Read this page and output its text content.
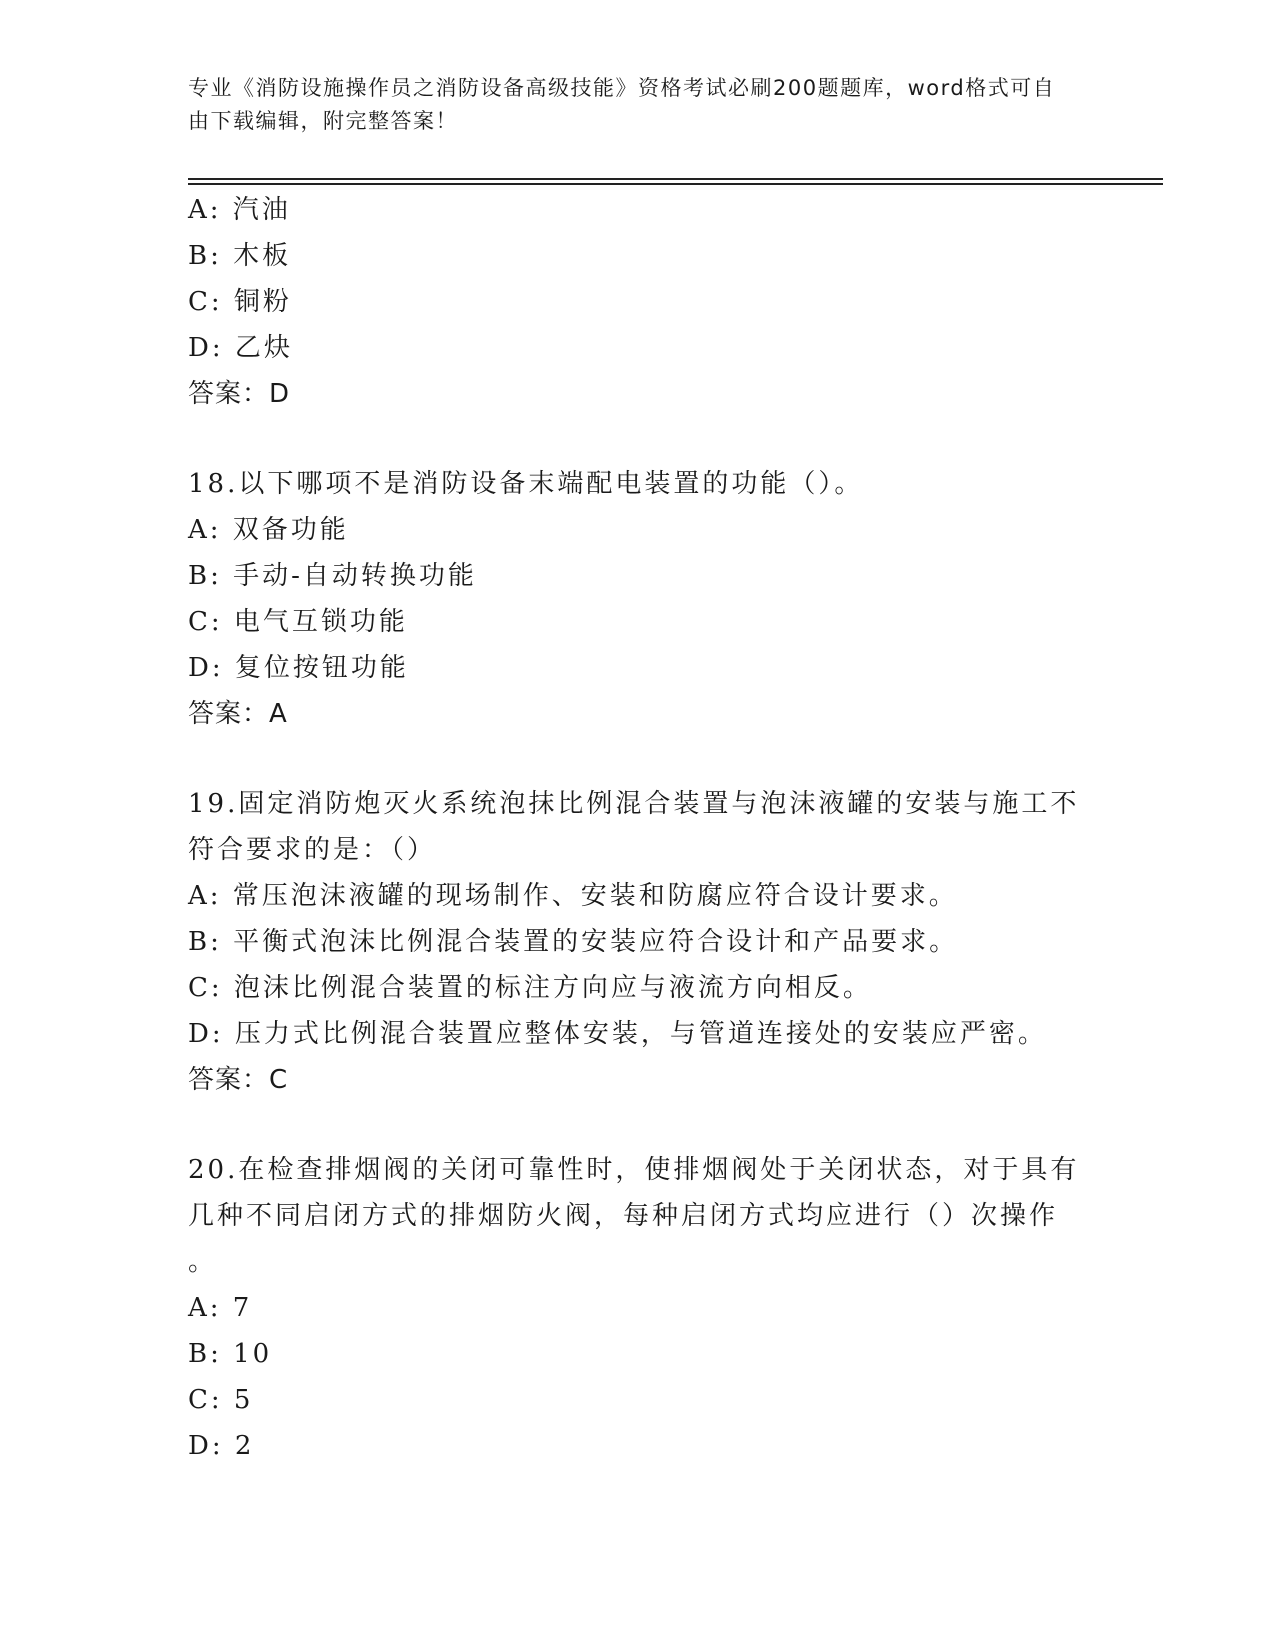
专业《消防设施操作员之消防设备高级技能》资格考试必刷200题题库，word格式可自由下载编辑，附完整答案！
A: 汽油
B: 木板
C: 铜粉
D: 乙炔
答案：D
18.以下哪项不是消防设备末端配电装置的功能（）。
A: 双备功能
B: 手动-自动转换功能
C: 电气互锁功能
D: 复位按钮功能
答案：A
19.固定消防炮灭火系统泡抹比例混合装置与泡沫液罐的安装与施工不
符合要求的是：（）
A: 常压泡沫液罐的现场制作、安装和防腐应符合设计要求。
B: 平衡式泡沫比例混合装置的安装应符合设计和产品要求。
C: 泡沫比例混合装置的标注方向应与液流方向相反。
D: 压力式比例混合装置应整体安装，与管道连接处的安装应严密。
答案：C
20.在检查排烟阀的关闭可靠性时，使排烟阀处于关闭状态，对于具有
几种不同启闭方式的排烟防火阀，每种启闭方式均应进行（）次操作
。
A: 7
B: 10
C: 5
D: 2
